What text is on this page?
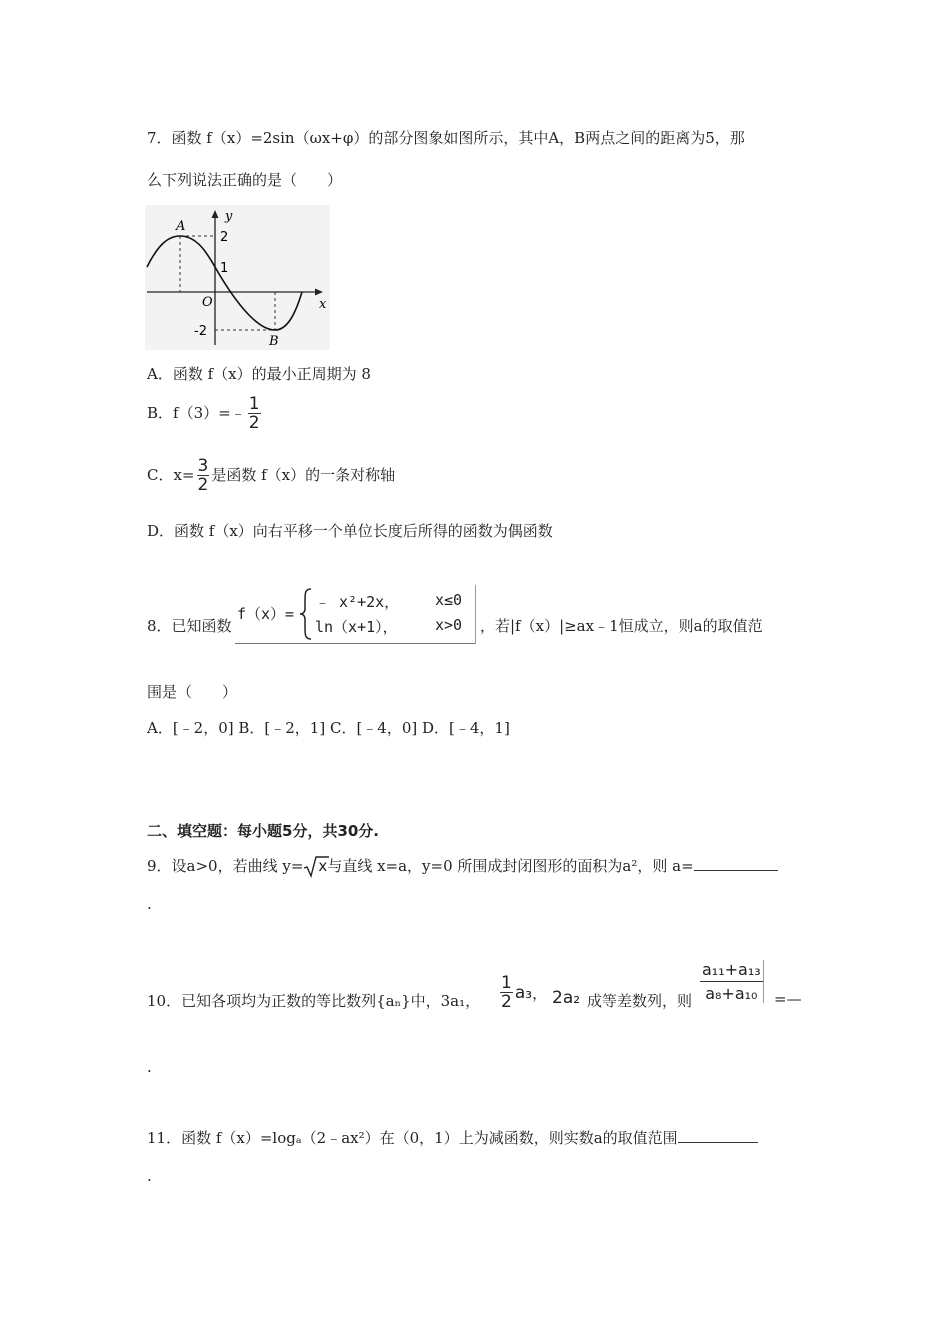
7．函数 f（x）=2sin（ωx+φ）的部分图象如图所示，其中A，B两点之间的距离为5，那
么下列说法正确的是（　　）
A
y
2
1
O	x
-2
B
A．函数 f（x）的最小正周期为 8
B．f（3）=﹣ $\frac{1}{2}$
C．$x= \frac{3}{2}$ 是函数 f（x）的一条对称轴
D．函数 f（x）向右平移一个单位长度后所得的函数为偶函数
8．已知函数
f（x）=
﹣ x²+2x， x≤0
ln（x+1）， x>0 ，若|f（x）|≥ax﹣1恒成立，则a的取值范
围是（　　）
A．[﹣2，0] B．[﹣2，1] C．[﹣4，0] D．[﹣4，1]
二、填空题：每小题5分，共30分.
9．设a>0，若曲线 y= x与直线 x=a，y=0 所围成封闭图形的面积为a²，则 a=
.
10．已知各项均为正数的等比数列{aₙ}中，3a₁， $\frac{1}{2} a_3$， 2a₂ 成等差数列，则 $\frac{\text{a₁₁+a₁₃}}{\text{a₈+a₁₀}}$ =—
.
11．函数 f（x）=logₐ（2﹣ax²）在（0，1）上为减函数，则实数a的取值范围
.
